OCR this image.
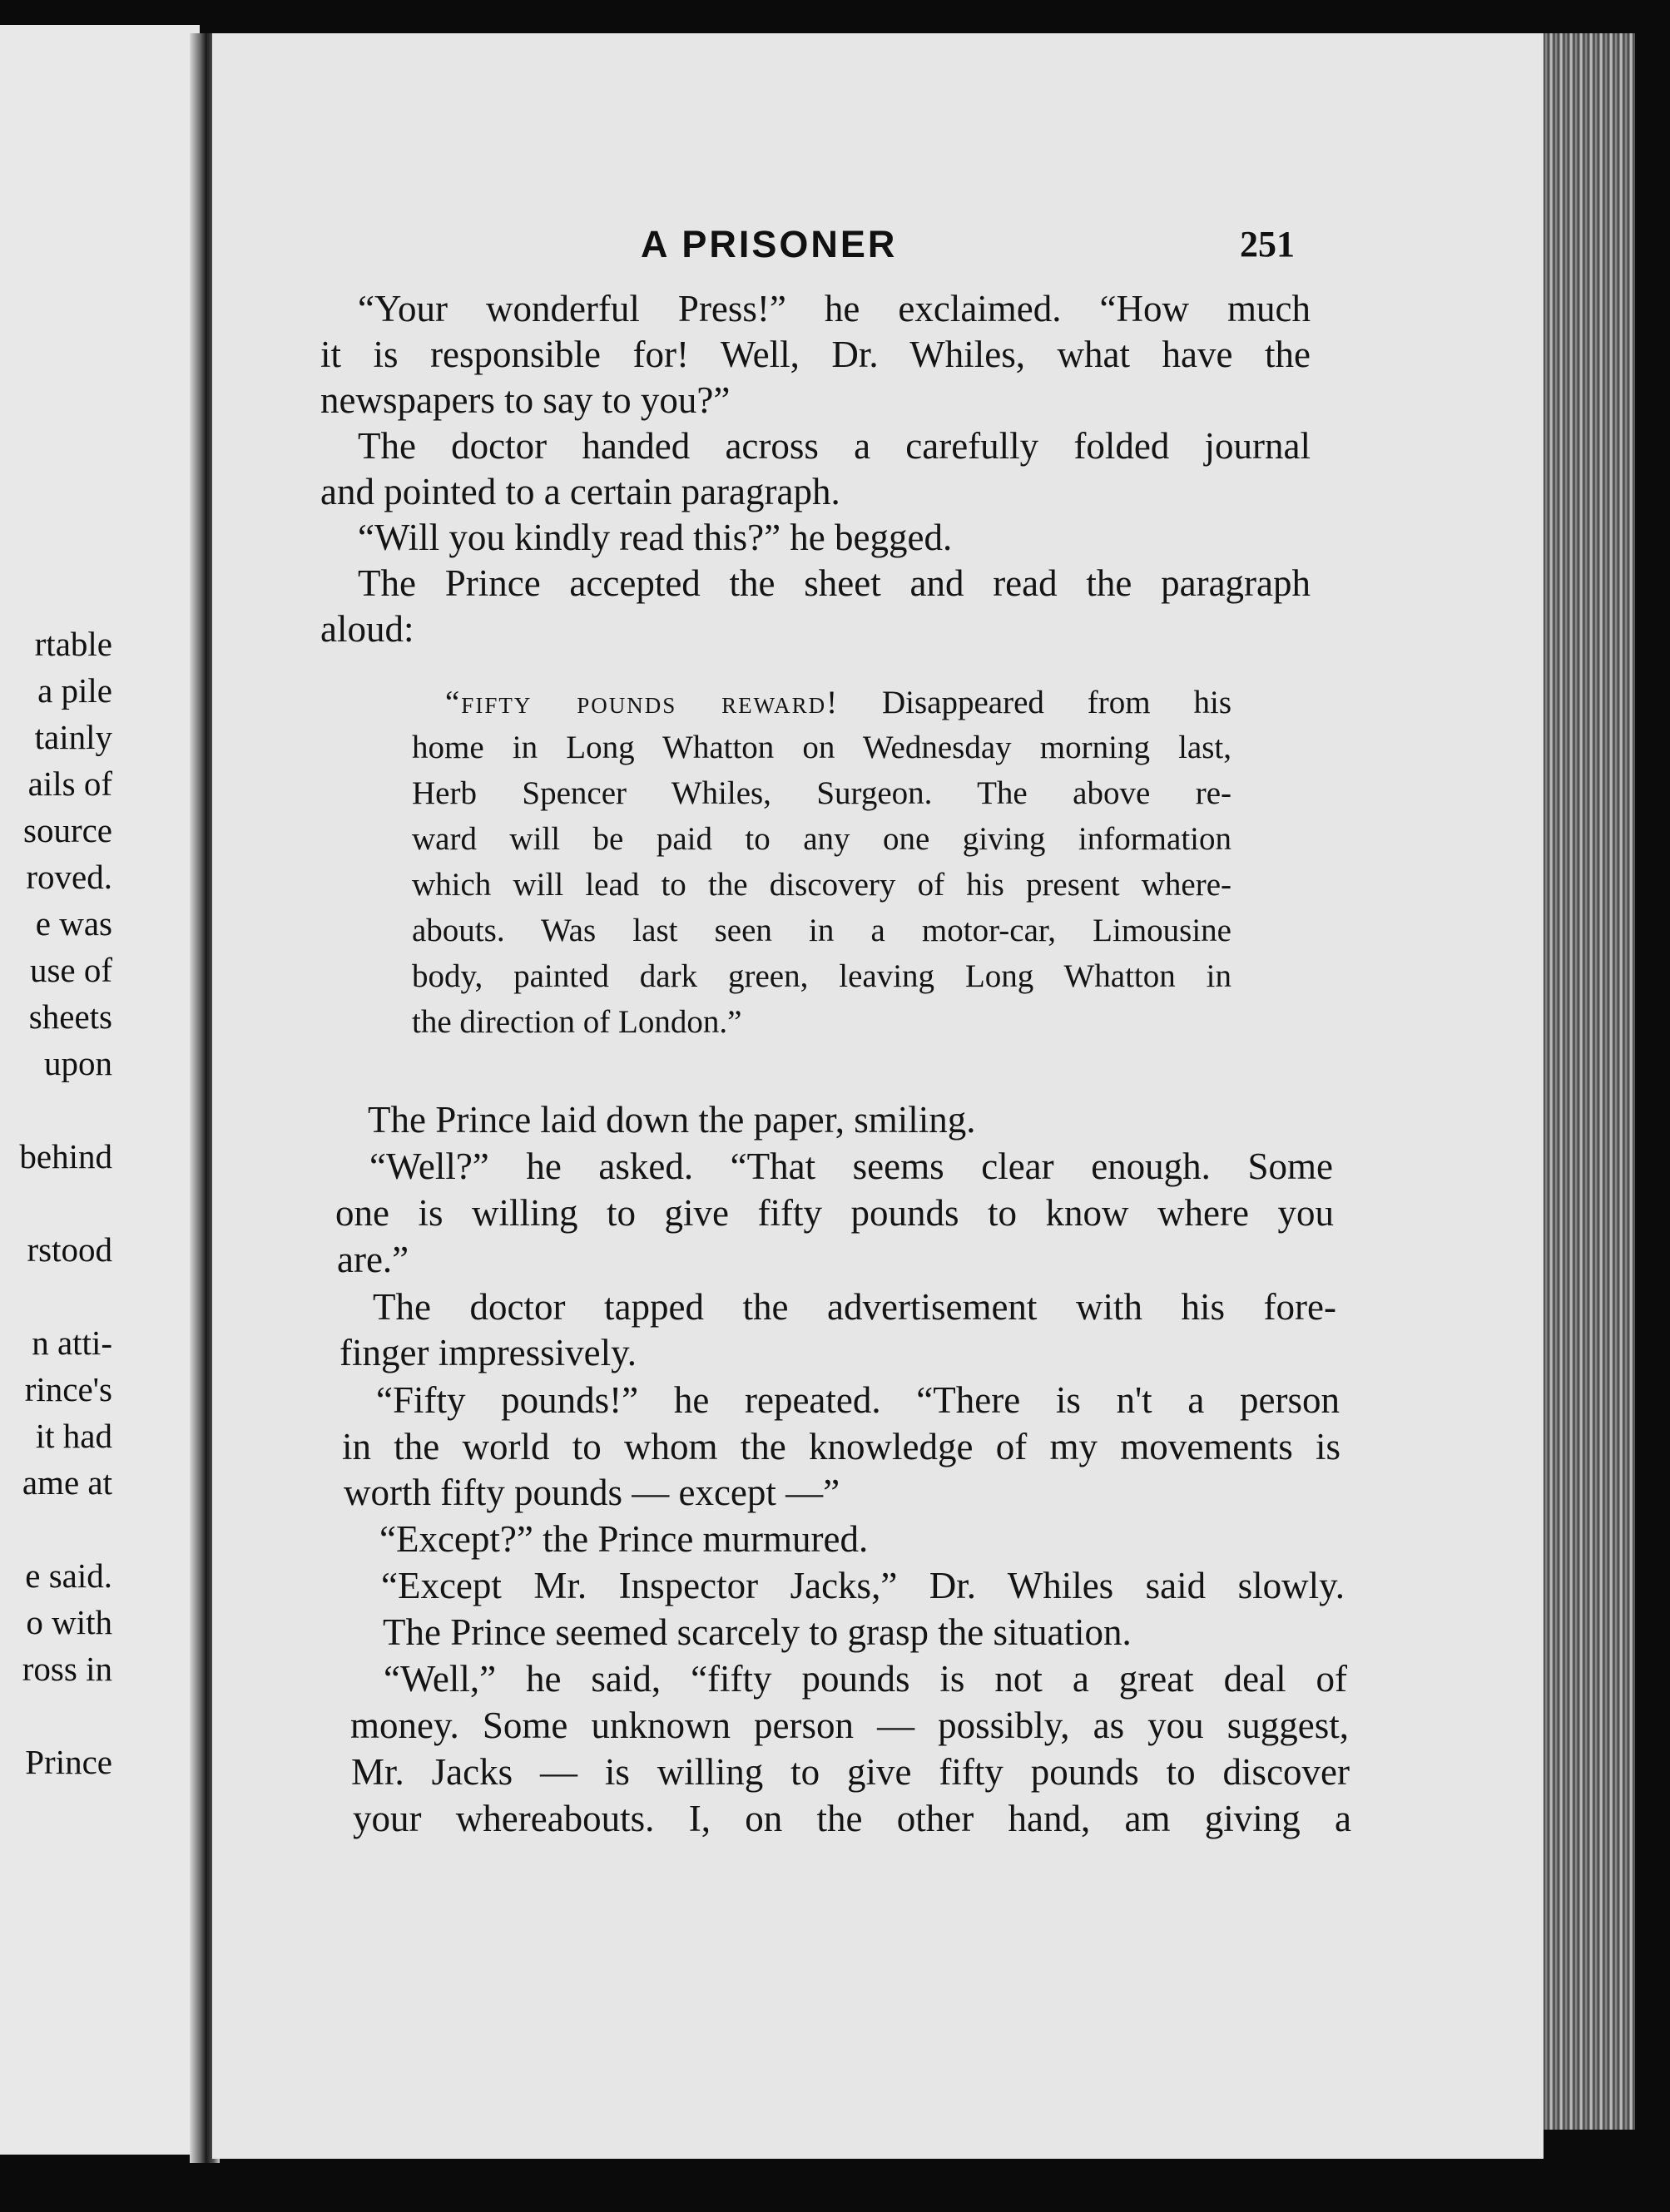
rtable
a pile
tainly
ails of
source
roved.
e was
use of
sheets
upon
behind
rstood
n atti-
rince's
it had
ame at
e said.
o with
ross in
Prince
A PRISONER	251
“Your wonderful Press!” he exclaimed. “How much
it is responsible for! Well, Dr. Whiles, what have the
newspapers to say to you?”
The doctor handed across a carefully folded journal
and pointed to a certain paragraph.
“Will you kindly read this?” he begged.
The Prince accepted the sheet and read the paragraph
aloud:
“fifty pounds reward! Disappeared from his
home in Long Whatton on Wednesday morning last,
Herb Spencer Whiles, Surgeon. The above re-
ward will be paid to any one giving information
which will lead to the discovery of his present where-
abouts. Was last seen in a motor-car, Limousine
body, painted dark green, leaving Long Whatton in
the direction of London.”
The Prince laid down the paper, smiling.
“Well?” he asked. “That seems clear enough. Some
one is willing to give fifty pounds to know where you
are.”
The doctor tapped the advertisement with his fore-
finger impressively.
“Fifty pounds!” he repeated. “There is n't a person
in the world to whom the knowledge of my movements is
worth fifty pounds — except —”
“Except?” the Prince murmured.
“Except Mr. Inspector Jacks,” Dr. Whiles said slowly.
The Prince seemed scarcely to grasp the situation.
“Well,” he said, “fifty pounds is not a great deal of
money. Some unknown person — possibly, as you suggest,
Mr. Jacks — is willing to give fifty pounds to discover
your whereabouts. I, on the other hand, am giving a
